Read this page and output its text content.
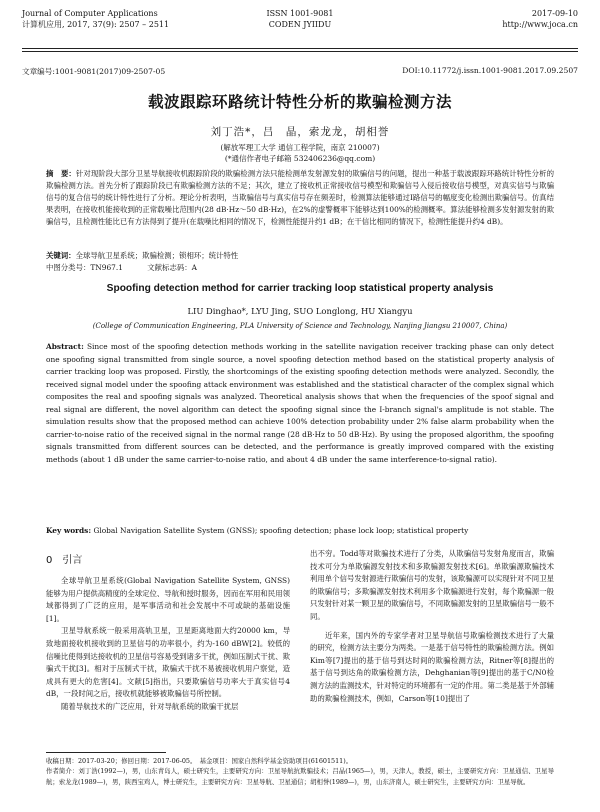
Journal of Computer Applications
计算机应用, 2017, 37(9): 2507 – 2511
ISSN 1001-9081
CODEN JYIIDU
2017-09-10
http://www.joca.cn
文章编号:1001-9081(2017)09-2507-05	DOI:10.11772/j.issn.1001-9081.2017.09.2507
载波跟踪环路统计特性分析的欺骗检测方法
刘丁浩*，吕　晶，索龙龙，胡相誉
(解放军理工大学 通信工程学院，南京 210007)
(*通信作者电子邮箱 532406236@qq.com)
摘　要：针对现阶段大部分卫星导航接收机跟踪阶段的欺骗检测方法只能检测单发射源发射的欺骗信号的问题，提出一种基于载波跟踪环路统计特性分析的欺骗检测方法。首先分析了跟踪阶段已有欺骗检测方法的不足；其次，建立了接收机正常接收信号模型和欺骗信号入侵后接收信号模型，对真实信号与欺骗信号的复合信号的统计特性进行了分析。理论分析表明，当欺骗信号与真实信号存在频差时，检测算法能够通过I路信号的幅度变化检测出欺骗信号。仿真结果表明，在接收机能接收到的正常载噪比范围内(28 dB·Hz～50 dB·Hz)，在2%的虚警概率下能够达到100%的检测概率。算法能够检测多发射源发射的欺骗信号，且检测性能比已有方法得到了提升(在载噪比相同的情况下，检测性能提升约1 dB；在干信比相同的情况下，检测性能提升约4 dB)。
关键词：全球导航卫星系统；欺骗检测；锁相环；统计特性
中图分类号：TN967.1	文献标志码：A
Spoofing detection method for carrier tracking loop statistical property analysis
LIU Dinghao*, LYU Jing, SUO Longlong, HU Xiangyu
(College of Communication Engineering, PLA University of Science and Technology, Nanjing Jiangsu 210007, China)
Abstract: Since most of the spoofing detection methods working in the satellite navigation receiver tracking phase can only detect one spoofing signal transmitted from single source, a novel spoofing detection method based on the statistical property analysis of carrier tracking loop was proposed. Firstly, the shortcomings of the existing spoofing detection methods were analyzed. Secondly, the received signal model under the spoofing attack environment was established and the statistical character of the complex signal which composites the real and spoofing signals was analyzed. Theoretical analysis shows that when the frequencies of the spoof signal and real signal are different, the novel algorithm can detect the spoofing signal since the I-branch signal's amplitude is not stable. The simulation results show that the proposed method can achieve 100% detection probability under 2% false alarm probability when the carrier-to-noise ratio of the received signal in the normal range (28 dB·Hz to 50 dB·Hz). By using the proposed algorithm, the spoofing signals transmitted from different sources can be detected, and the performance is greatly improved compared with the existing methods (about 1 dB under the same carrier-to-noise ratio, and about 4 dB under the same interference-to-signal ratio).
Key words: Global Navigation Satellite System (GNSS); spoofing detection; phase lock loop; statistical property
0　引言

全球导航卫星系统(Global Navigation Satellite System, GNSS)能够为用户提供高精度的全球定位、导航和授时服务，因而在军用和民用领域都得到了广泛的应用，是军事活动和社会发展中不可或缺的基础设施[1]。

卫星导航系统一般采用高轨卫星，卫星距离地面大约20000 km，导致地面接收机接收到的卫星信号的功率很小，约为-160 dBW[2]。较低的信噪比使得到达接收机的卫星信号容易受到诸多干扰，例如压制式干扰、欺骗式干扰[3]。相对于压制式干扰，欺骗式干扰不易被接收机用户察觉，造成具有更大的危害[4]。文献[5]指出，只要欺骗信号功率大于真实信号4 dB，一段时间之后，接收机就能够被欺骗信号所控制。

随着导航技术的广泛应用，针对导航系统的欺骗干扰层

出不穷。Todd等对欺骗技术进行了分类，从欺骗信号发射角度而言，欺骗技术可分为单欺骗源发射技术和多欺骗源发射技术[6]。单欺骗源欺骗技术利用单个信号发射源进行欺骗信号的发射，该欺骗源可以实现针对不同卫星的欺骗信号；多欺骗源发射技术利用多个欺骗源进行发射，每个欺骗源一般只发射针对某一颗卫星的欺骗信号，不同欺骗源发射的卫星欺骗信号一般不同。

近年来，国内外的专家学者对卫星导航信号欺骗检测技术进行了大量的研究，检测方法主要分为两类。一是基于信号特性的欺骗检测方法。例如Kim等[7]提出的基于信号到达时间的欺骗检测方法，Ritner等[8]提出的基于信号到达角的欺骗检测方法，Dehghanian等[9]提出的基于C/N0检测方法的监测技术，针对特定的环境都有一定的作用。第二类是基于外部辅助的欺骗检测技术，例如，Carson等[10]提出了

收稿日期：2017-03-20；修回日期：2017-06-05。　基金项目：国家自然科学基金资助项目(61601511)。
作者简介：刘丁浩(1992—)，男，山东青岛人，硕士研究生，主要研究方向：卫星导航抗欺骗技术；吕晶(1965—)，男，天津人，教授，硕士，主要研究方向：卫星通信、卫星导航；索龙龙(1989—)，男，陕西宝鸡人，博士研究生，主要研究方向：卫星导航、卫星通信；胡相誉(1989—)，男，山东济南人，硕士研究生，主要研究方向：卫星导航。
